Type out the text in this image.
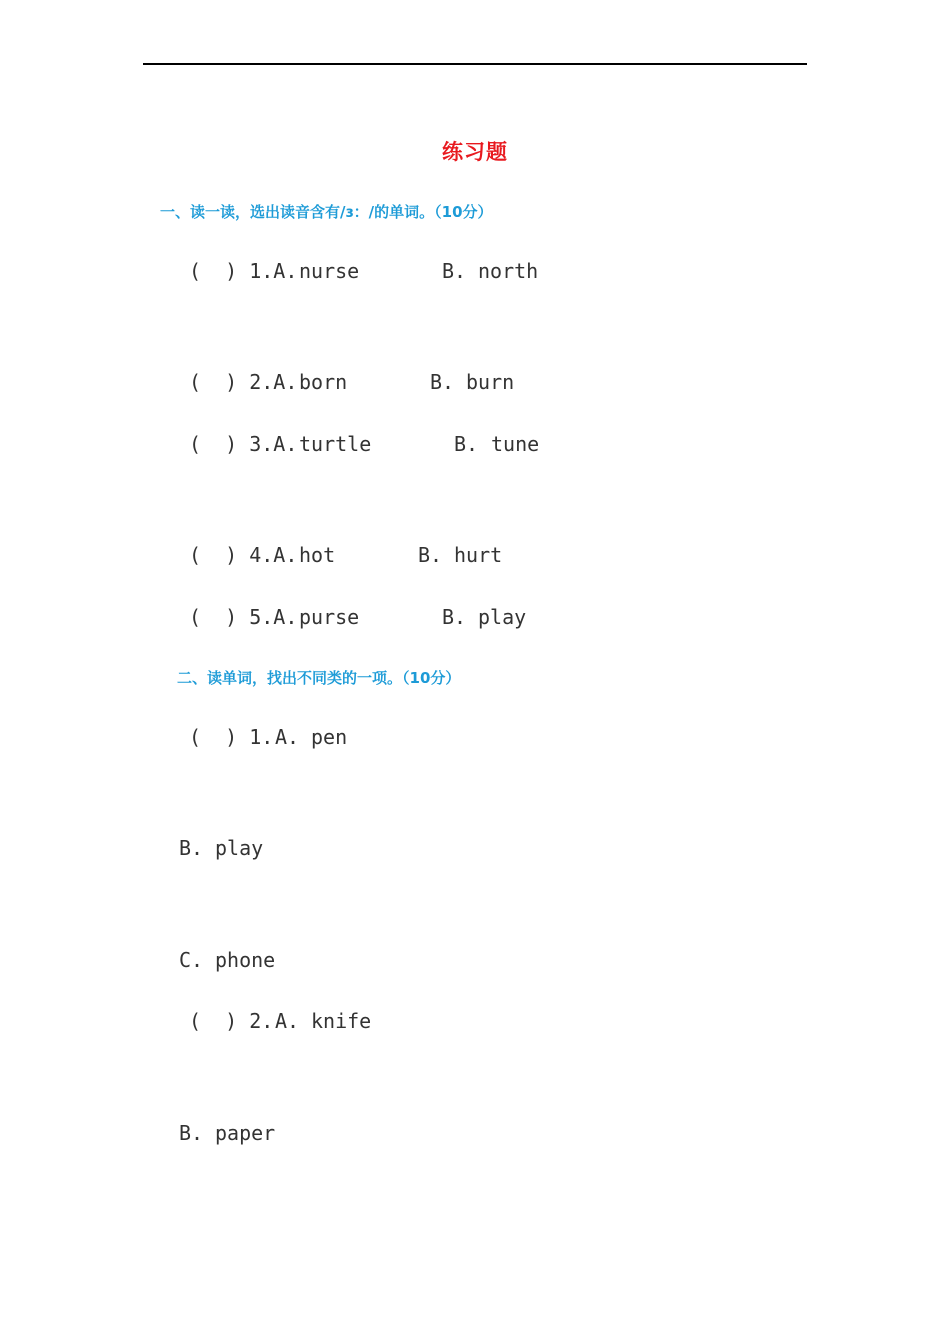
练习题
一、读一读，选出读音含有/ɜ：/的单词。（10分）

(  ) 1.A.

nurse

	B.

north

(  ) 2.A.

born

	B.

burn

(  ) 3.A.

turtle

	B.

tune

(  ) 4.A.

hot

	B.

hurt

(  ) 5.A.

purse

	B.

play

二、读单词，找出不同类的一项。（10分）

(  ) 1.

A.

pen

B.

play

C.

phone

(  ) 2.

A.

knife

B.

paper
